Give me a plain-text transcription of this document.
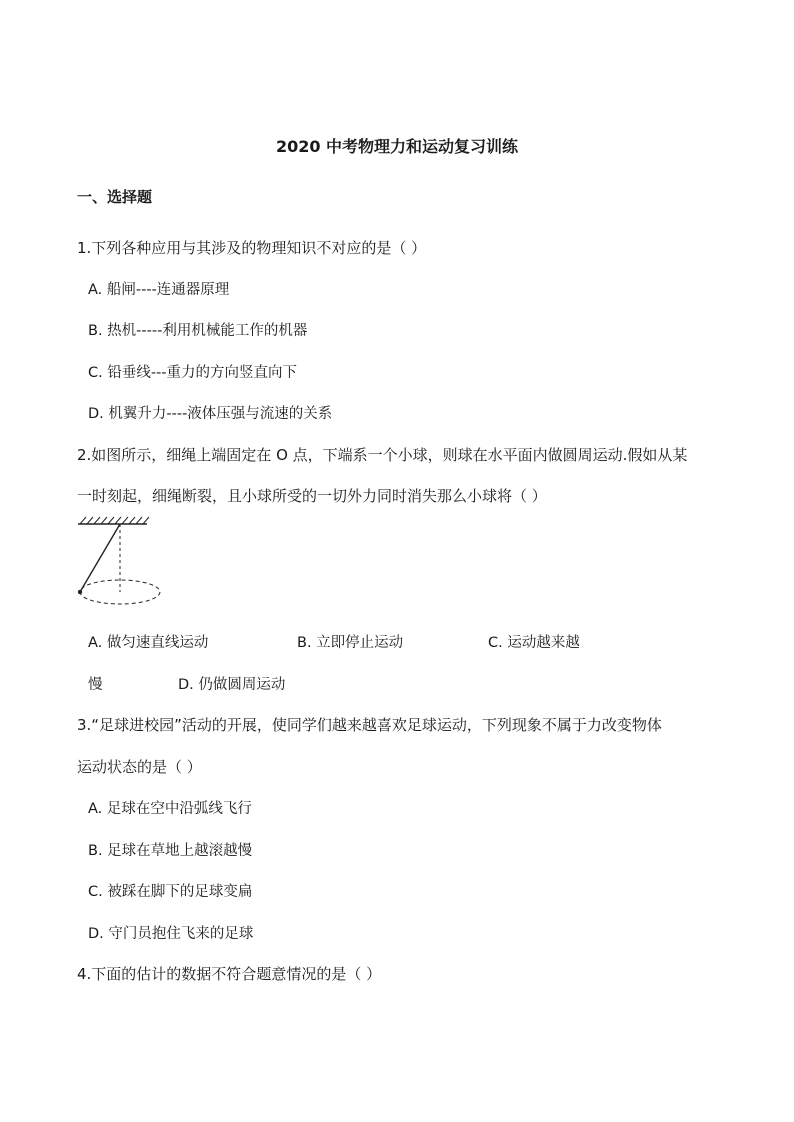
2020 中考物理力和运动复习训练
一、选择题
1.下列各种应用与其涉及的物理知识不对应的是（ ）
A. 船闸----连通器原理
B. 热机-----利用机械能工作的机器
C. 铅垂线---重力的方向竖直向下
D. 机翼升力----液体压强与流速的关系
2.如图所示，细绳上端固定在 O 点，下端系一个小球，则球在水平面内做圆周运动.假如从某
一时刻起，细绳断裂，且小球所受的一切外力同时消失那么小球将（ ）
A. 做匀速直线运动	B. 立即停止运动	C. 运动越来越
慢	D. 仍做圆周运动
3.“足球进校园”活动的开展，使同学们越来越喜欢足球运动，下列现象不属于力改变物体
运动状态的是（ ）
A. 足球在空中沿弧线飞行
B. 足球在草地上越滚越慢
C. 被踩在脚下的足球变扁
D. 守门员抱住飞来的足球
4.下面的估计的数据不符合题意情况的是（ ）
